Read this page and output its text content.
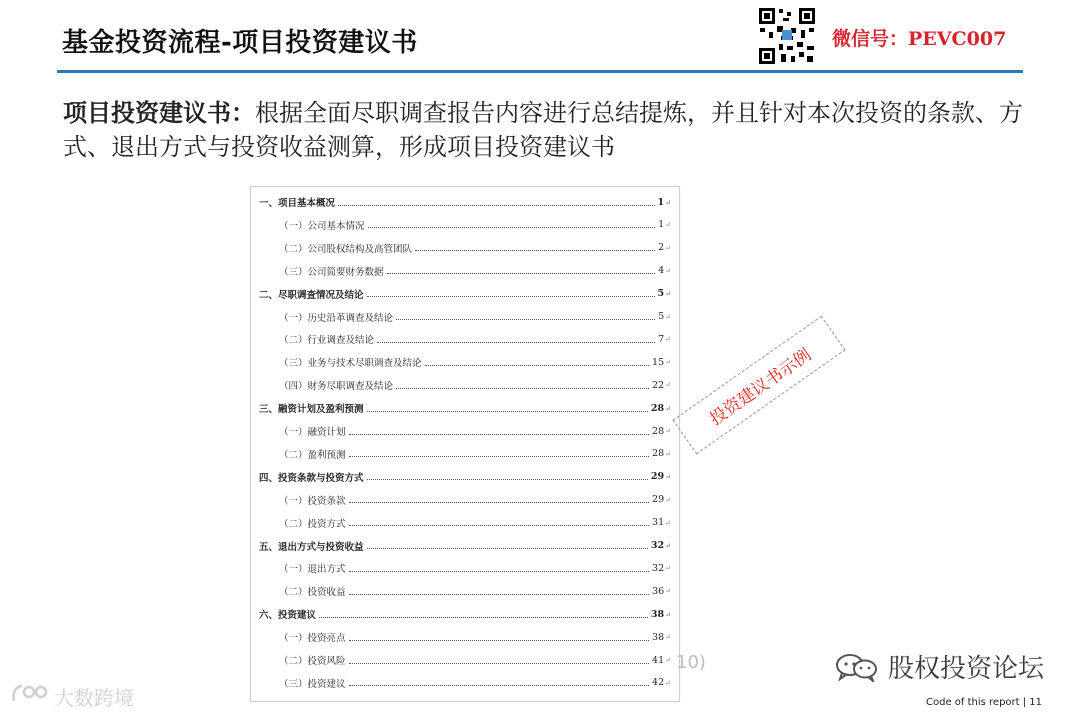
基金投资流程-项目投资建议书	微信号：PEVC007
项目投资建议书：根据全面尽职调查报告内容进行总结提炼，并且针对本次投资的条款、方式、退出方式与投资收益测算，形成项目投资建议书
一、项目基本概况	1 ↵
（一）公司基本情况	1 ↵
（二）公司股权结构及高管团队	2 ↵
（三）公司简要财务数据	4 ↵
二、尽职调查情况及结论	5 ↵
（一）历史沿革调查及结论	5 ↵
（二）行业调查及结论	7 ↵
（三）业务与技术尽职调查及结论	15 ↵
（四）财务尽职调查及结论	22 ↵
三、融资计划及盈利预测	28 ↵
（一）融资计划	28 ↵
（二）盈利预测	28 ↵
四、投资条款与投资方式	29 ↵
（一）投资条款	29 ↵
（二）投资方式	31 ↵
五、退出方式与投资收益	32 ↵
（一）退出方式	32 ↵
（二）投资收益	36 ↵
六、投资建议	38 ↵
（一）投资亮点	38 ↵
（二）投资风险	41 ↵
（三）投资建议	42 ↵
投资建议书示例
10)	股权投资论坛
大数跨境	Code of this report | 11
